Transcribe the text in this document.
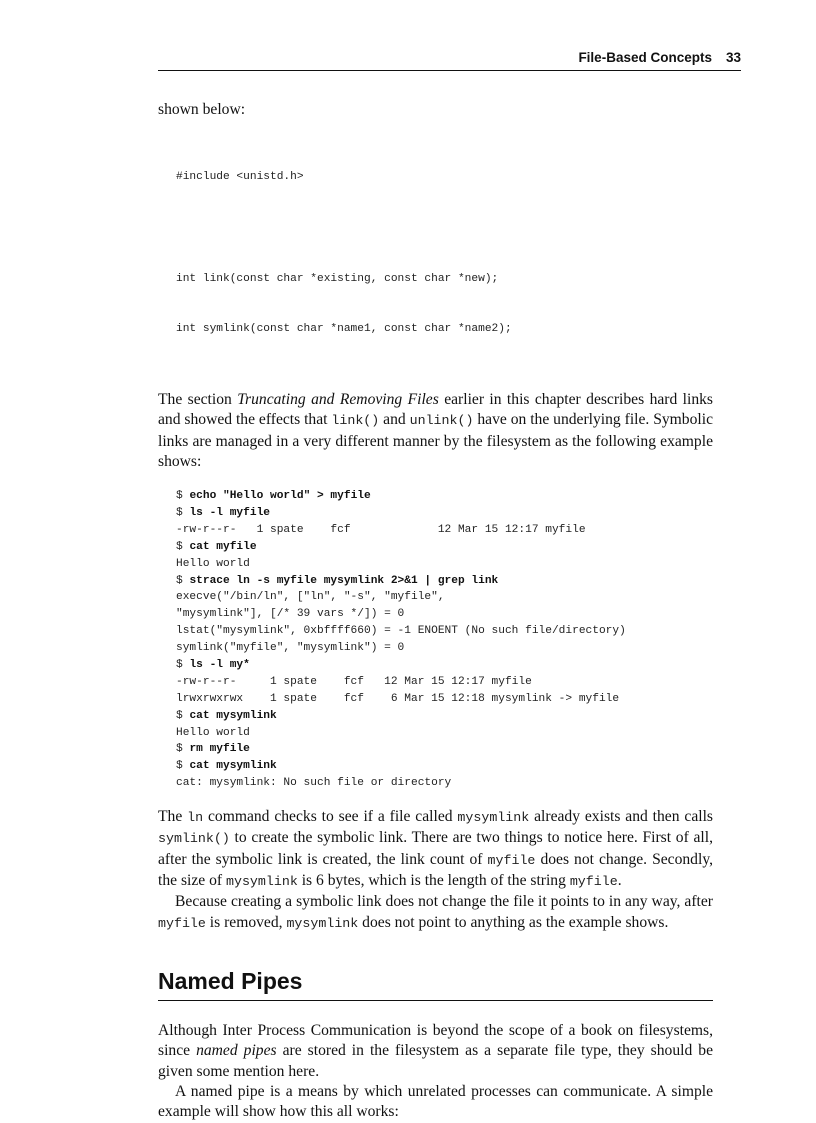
File-Based Concepts 33

shown below:

#include <unistd.h>

int link(const char *existing, const char *new);

int symlink(const char *name1, const char *name2);

The section Truncating and Removing Files earlier in this chapter describes hard links and showed the effects that link() and unlink() have on the underlying file. Symbolic links are managed in a very different manner by the filesystem as the following example shows:

$ echo "Hello world" > myfile
$ ls -l myfile
-rw-r--r-   1 spate    fcf             12 Mar 15 12:17 myfile
$ cat myfile
Hello world
$ strace ln -s myfile mysymlink 2>&1 | grep link
execve("/bin/ln", ["ln", "-s", "myfile",
"mysymlink"], [/* 39 vars */]) = 0
lstat("mysymlink", 0xbffff660) = -1 ENOENT (No such file/directory)
symlink("myfile", "mysymlink") = 0
$ ls -l my*
-rw-r--r-     1 spate    fcf   12 Mar 15 12:17 myfile
lrwxrwxrwx    1 spate    fcf    6 Mar 15 12:18 mysymlink -> myfile
$ cat mysymlink
Hello world
$ rm myfile
$ cat mysymlink
cat: mysymlink: No such file or directory

The ln command checks to see if a file called mysymlink already exists and then calls symlink() to create the symbolic link. There are two things to notice here. First of all, after the symbolic link is created, the link count of myfile does not change. Secondly, the size of mysymlink is 6 bytes, which is the length of the string myfile.

Because creating a symbolic link does not change the file it points to in any way, after myfile is removed, mysymlink does not point to anything as the example shows.

Named Pipes

Although Inter Process Communication is beyond the scope of a book on filesystems, since named pipes are stored in the filesystem as a separate file type, they should be given some mention here.

A named pipe is a means by which unrelated processes can communicate. A simple example will show how this all works:
